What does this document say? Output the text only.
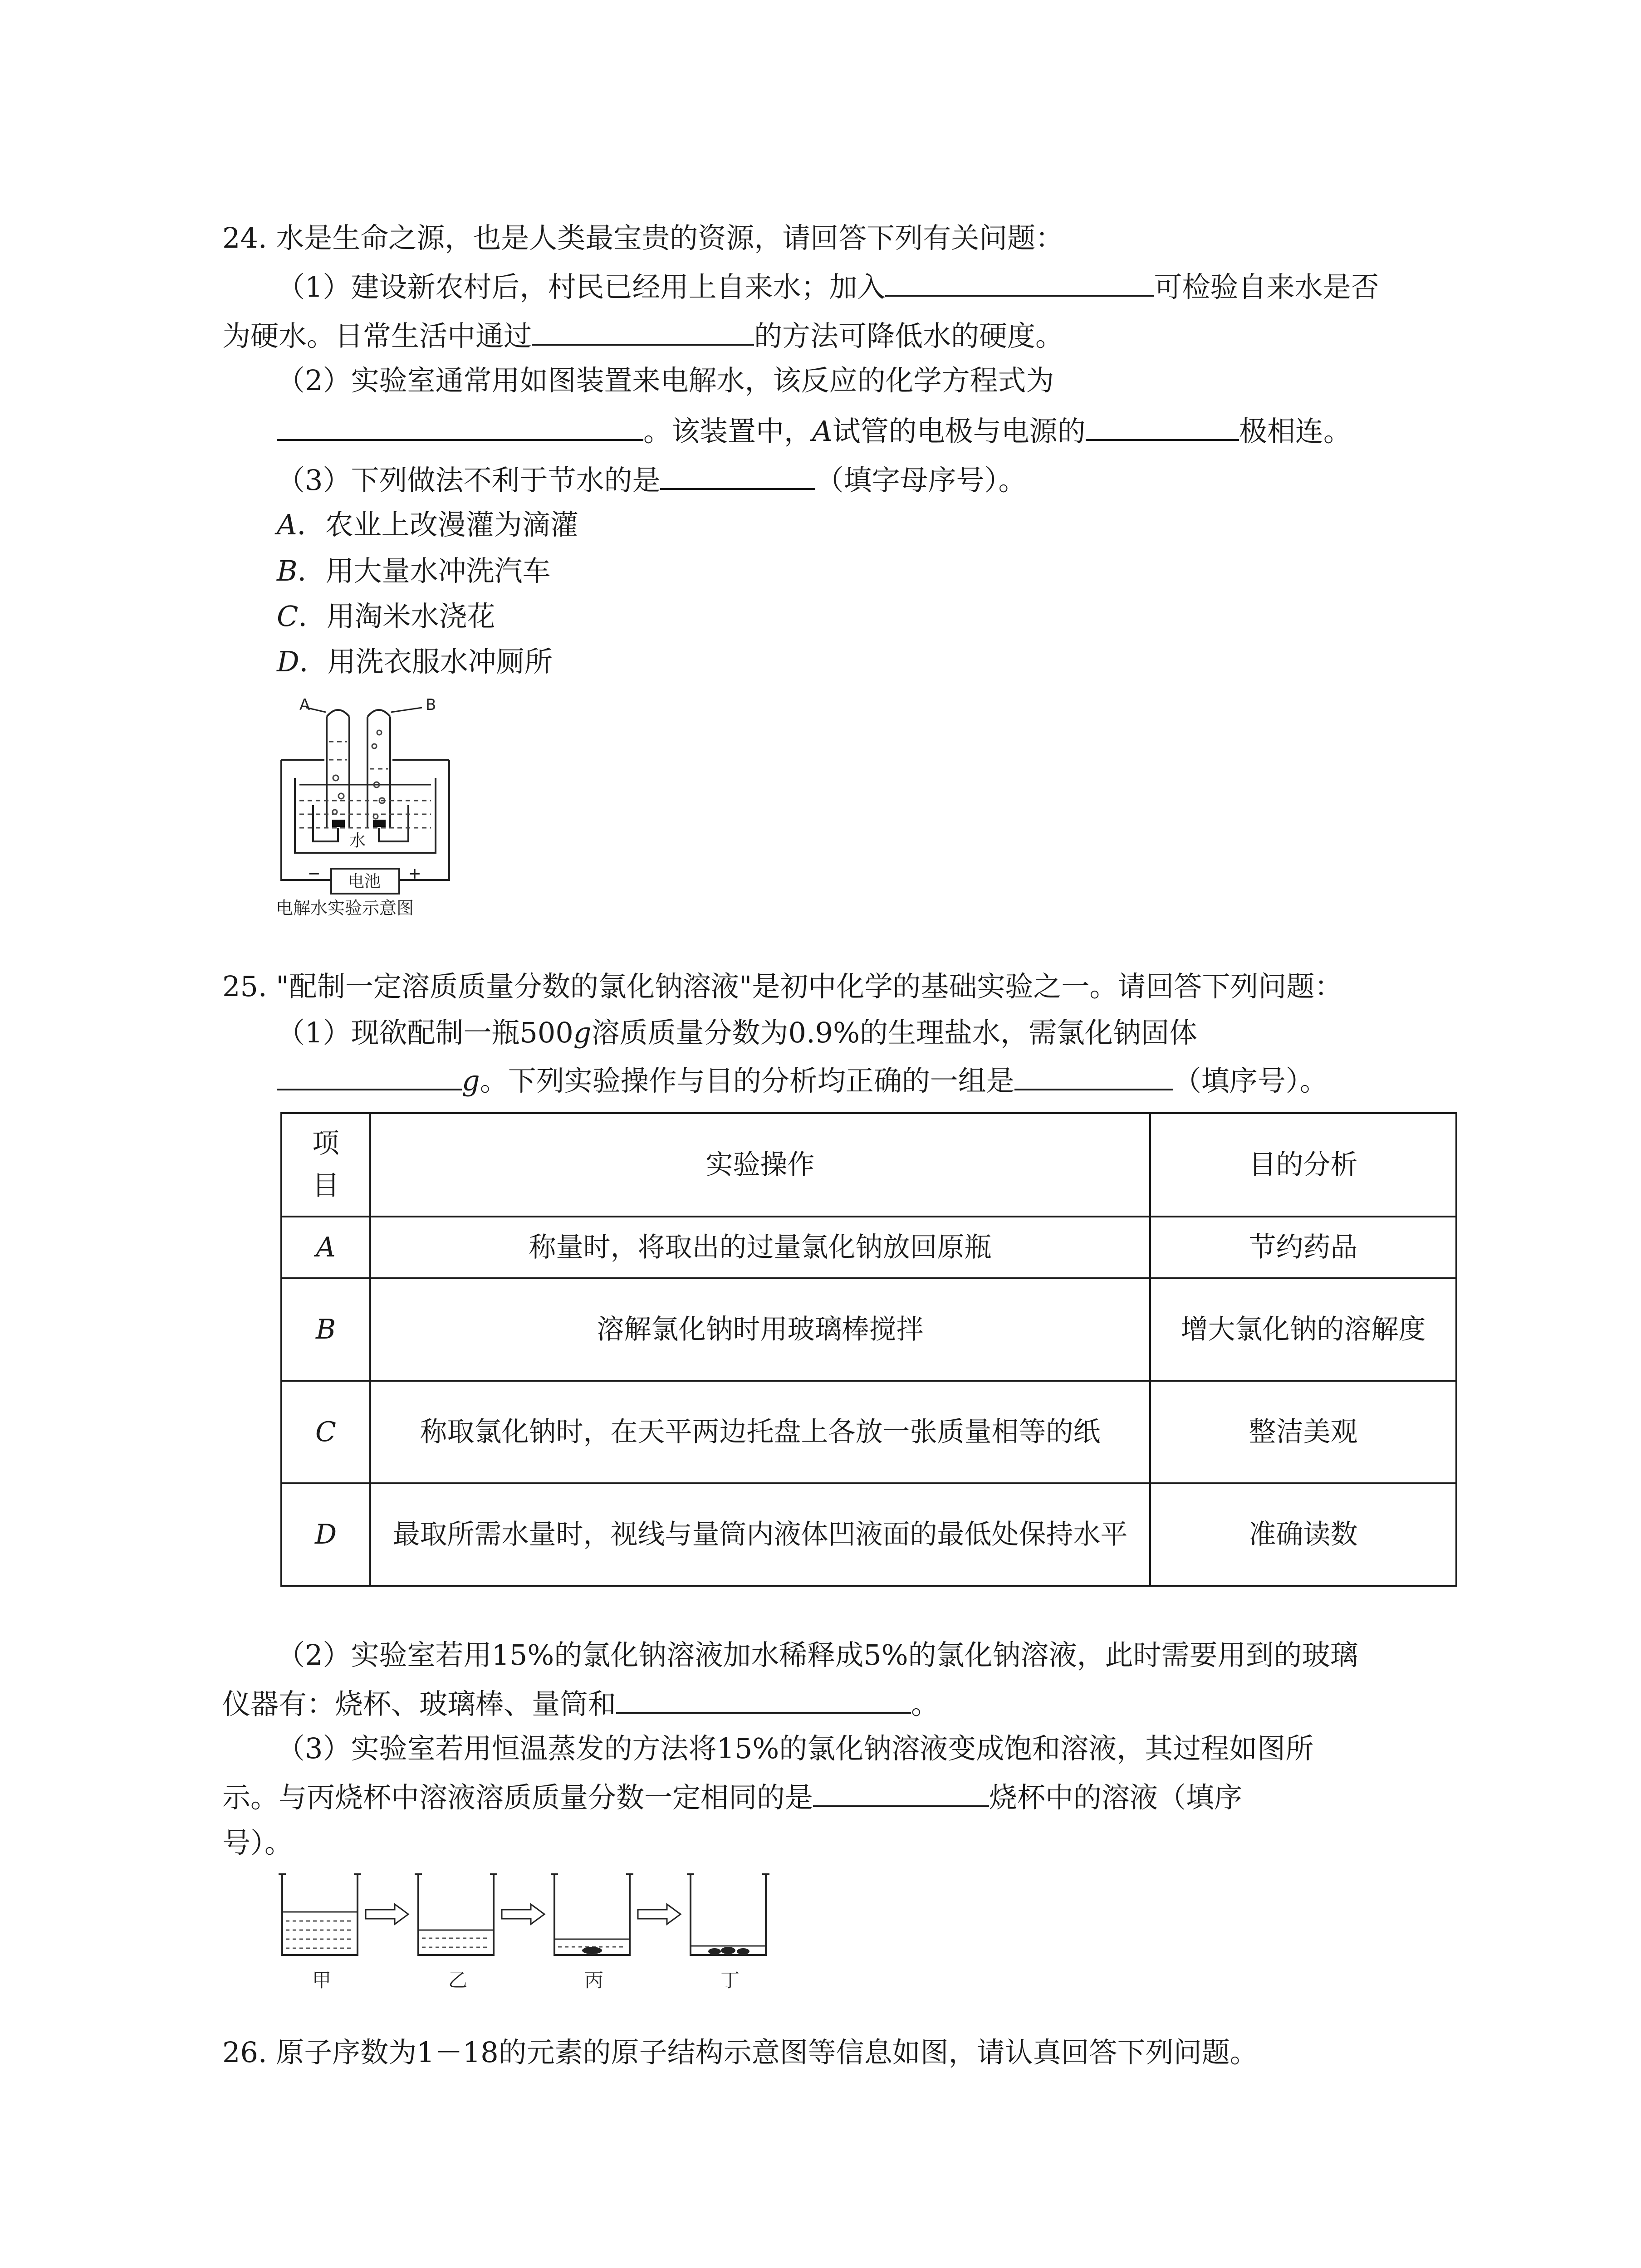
24. 水是生命之源，也是人类最宝贵的资源，请回答下列有关问题：
（1）建设新农村后，村民已经用上自来水；加入	可检验自来水是否
为硬水。日常生活中通过	的方法可降低水的硬度。
（2）实验室通常用如图装置来电解水，该反应的化学方程式为
。该装置中，A试管的电极与电源的	极相连。
（3）下列做法不利于节水的是	（填字母序号）。
A．农业上改漫灌为滴灌
B．用大量水冲洗汽车
C．用淘米水浇花
D．用洗衣服水冲厕所
A	B
水
电池
−	+
电解水实验示意图
25. "配制一定溶质质量分数的氯化钠溶液"是初中化学的基础实验之一。请回答下列问题：
（1）现欲配制一瓶500g溶质质量分数为0.9%的生理盐水，需氯化钠固体
g。下列实验操作与目的分析均正确的一组是	（填序号）。
项目	实验操作	目的分析
A	称量时，将取出的过量氯化钠放回原瓶	节约药品
B	溶解氯化钠时用玻璃棒搅拌	增大氯化钠的溶解度
C	称取氯化钠时，在天平两边托盘上各放一张质量相等的纸	整洁美观
D	最取所需水量时，视线与量筒内液体凹液面的最低处保持水平	准确读数
（2）实验室若用15%的氯化钠溶液加水稀释成5%的氯化钠溶液，此时需要用到的玻璃
仪器有：烧杯、玻璃棒、量筒和	。
（3）实验室若用恒温蒸发的方法将15%的氯化钠溶液变成饱和溶液，其过程如图所
示。与丙烧杯中溶液溶质质量分数一定相同的是	烧杯中的溶液（填序
号）。
甲	乙	丙	丁
26. 原子序数为1－18的元素的原子结构示意图等信息如图，请认真回答下列问题。
